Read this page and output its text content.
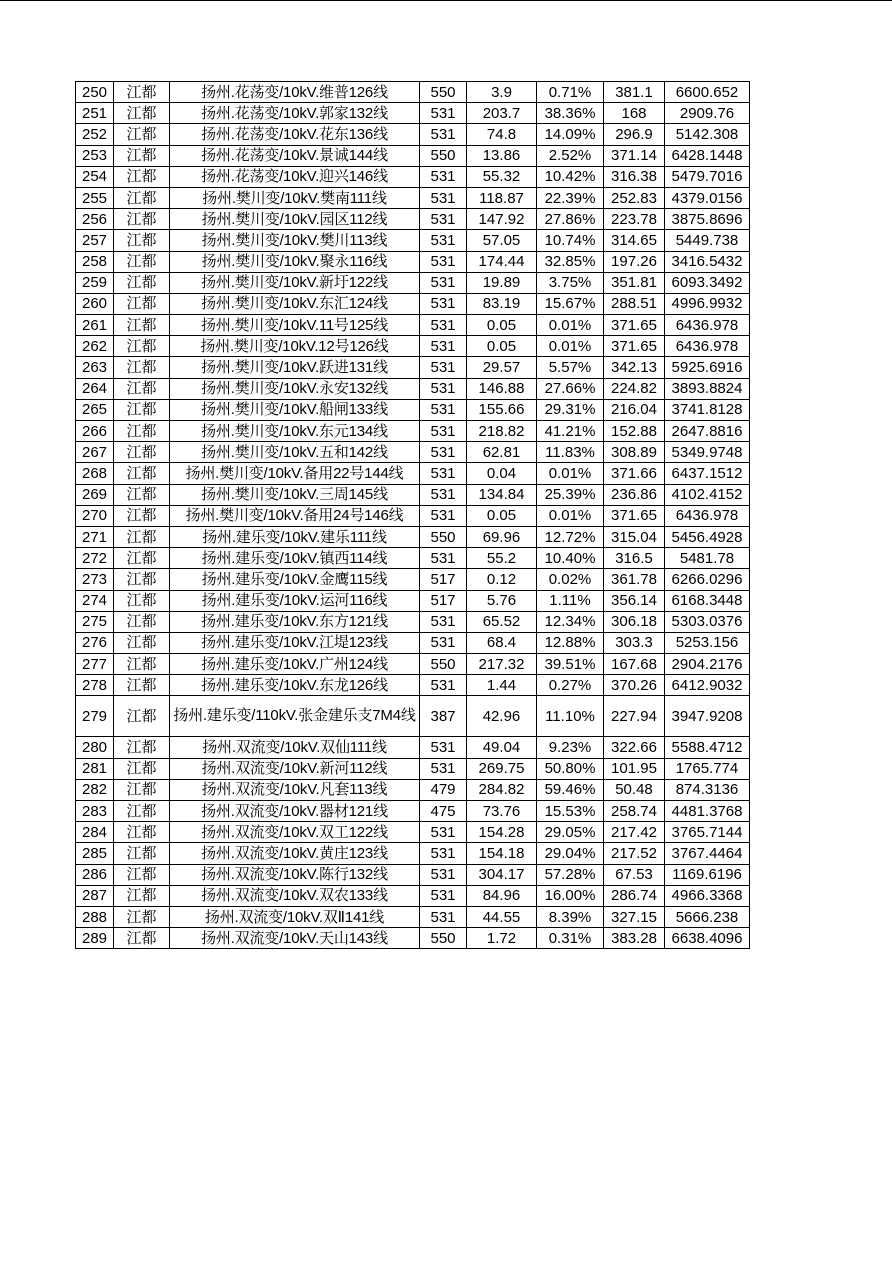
250	江都	扬州.花荡变/10kV.维普126线	550	3.9	0.71%	381.1	6600.652
251	江都	扬州.花荡变/10kV.郭家132线	531	203.7	38.36%	168	2909.76
252	江都	扬州.花荡变/10kV.花东136线	531	74.8	14.09%	296.9	5142.308
253	江都	扬州.花荡变/10kV.景诚144线	550	13.86	2.52%	371.14	6428.1448
254	江都	扬州.花荡变/10kV.迎兴146线	531	55.32	10.42%	316.38	5479.7016
255	江都	扬州.樊川变/10kV.樊南111线	531	118.87	22.39%	252.83	4379.0156
256	江都	扬州.樊川变/10kV.园区112线	531	147.92	27.86%	223.78	3875.8696
257	江都	扬州.樊川变/10kV.樊川113线	531	57.05	10.74%	314.65	5449.738
258	江都	扬州.樊川变/10kV.聚永116线	531	174.44	32.85%	197.26	3416.5432
259	江都	扬州.樊川变/10kV.新圩122线	531	19.89	3.75%	351.81	6093.3492
260	江都	扬州.樊川变/10kV.东汇124线	531	83.19	15.67%	288.51	4996.9932
261	江都	扬州.樊川变/10kV.11号125线	531	0.05	0.01%	371.65	6436.978
262	江都	扬州.樊川变/10kV.12号126线	531	0.05	0.01%	371.65	6436.978
263	江都	扬州.樊川变/10kV.跃进131线	531	29.57	5.57%	342.13	5925.6916
264	江都	扬州.樊川变/10kV.永安132线	531	146.88	27.66%	224.82	3893.8824
265	江都	扬州.樊川变/10kV.船闸133线	531	155.66	29.31%	216.04	3741.8128
266	江都	扬州.樊川变/10kV.东元134线	531	218.82	41.21%	152.88	2647.8816
267	江都	扬州.樊川变/10kV.五和142线	531	62.81	11.83%	308.89	5349.9748
268	江都	扬州.樊川变/10kV.备用22号144线	531	0.04	0.01%	371.66	6437.1512
269	江都	扬州.樊川变/10kV.三周145线	531	134.84	25.39%	236.86	4102.4152
270	江都	扬州.樊川变/10kV.备用24号146线	531	0.05	0.01%	371.65	6436.978
271	江都	扬州.建乐变/10kV.建乐111线	550	69.96	12.72%	315.04	5456.4928
272	江都	扬州.建乐变/10kV.镇西114线	531	55.2	10.40%	316.5	5481.78
273	江都	扬州.建乐变/10kV.金鹰115线	517	0.12	0.02%	361.78	6266.0296
274	江都	扬州.建乐变/10kV.运河116线	517	5.76	1.11%	356.14	6168.3448
275	江都	扬州.建乐变/10kV.东方121线	531	65.52	12.34%	306.18	5303.0376
276	江都	扬州.建乐变/10kV.江堤123线	531	68.4	12.88%	303.3	5253.156
277	江都	扬州.建乐变/10kV.广州124线	550	217.32	39.51%	167.68	2904.2176
278	江都	扬州.建乐变/10kV.东龙126线	531	1.44	0.27%	370.26	6412.9032
279	江都	扬州.建乐变/110kV.张金建乐支7M4线	387	42.96	11.10%	227.94	3947.9208
280	江都	扬州.双流变/10kV.双仙111线	531	49.04	9.23%	322.66	5588.4712
281	江都	扬州.双流变/10kV.新河112线	531	269.75	50.80%	101.95	1765.774
282	江都	扬州.双流变/10kV.凡套113线	479	284.82	59.46%	50.48	874.3136
283	江都	扬州.双流变/10kV.器材121线	475	73.76	15.53%	258.74	4481.3768
284	江都	扬州.双流变/10kV.双工122线	531	154.28	29.05%	217.42	3765.7144
285	江都	扬州.双流变/10kV.黄庄123线	531	154.18	29.04%	217.52	3767.4464
286	江都	扬州.双流变/10kV.陈行132线	531	304.17	57.28%	67.53	1169.6196
287	江都	扬州.双流变/10kV.双农133线	531	84.96	16.00%	286.74	4966.3368
288	江都	扬州.双流变/10kV.双Ⅱ141线	531	44.55	8.39%	327.15	5666.238
289	江都	扬州.双流变/10kV.天山143线	550	1.72	0.31%	383.28	6638.4096
